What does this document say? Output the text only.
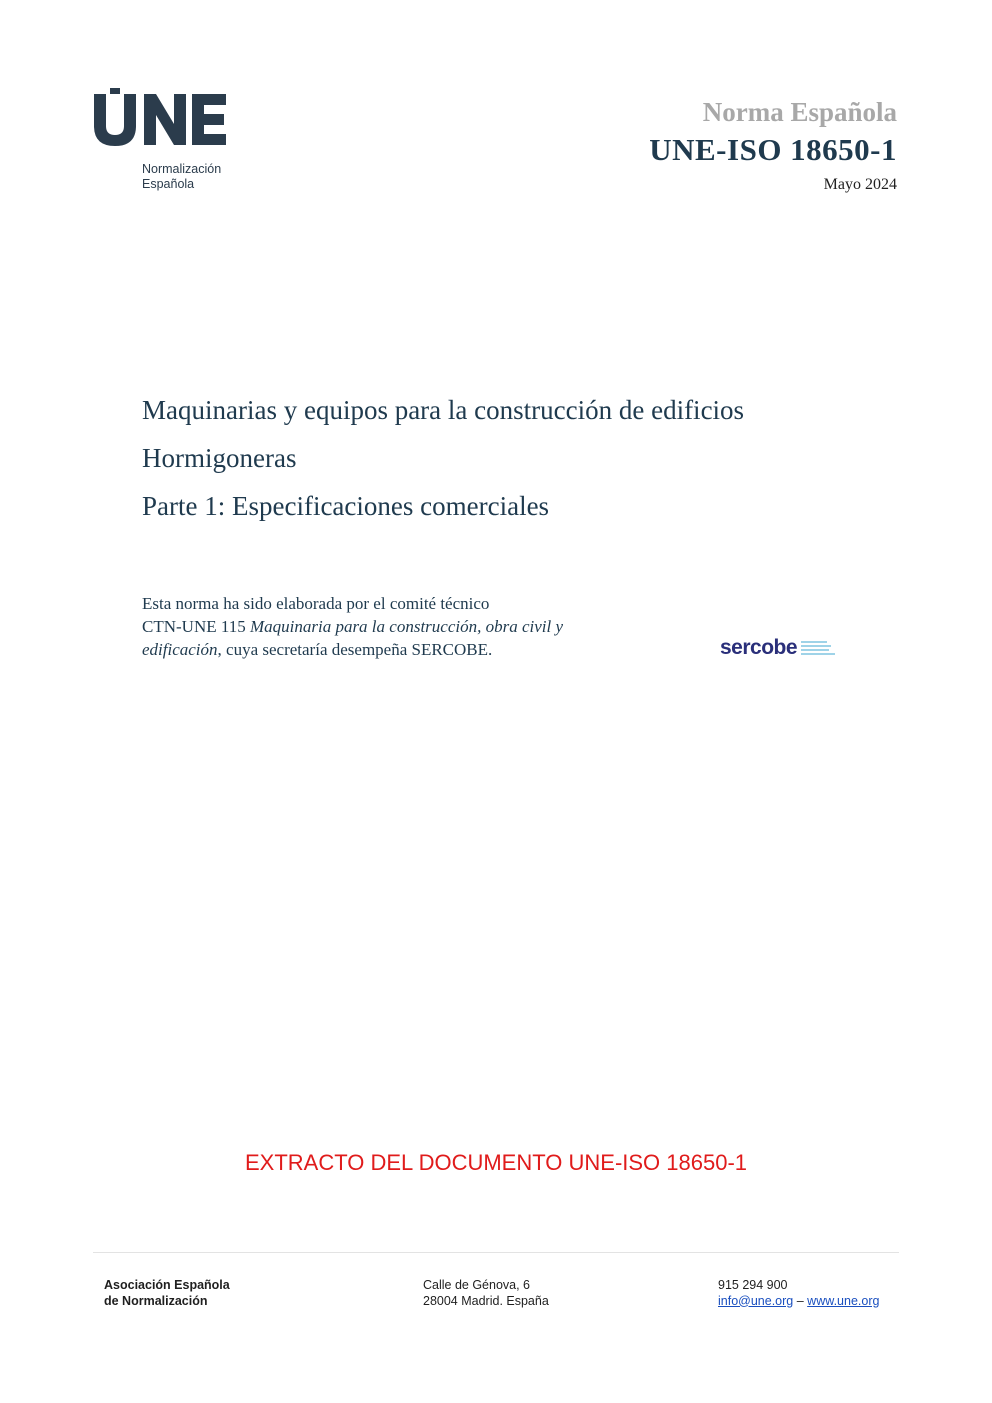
Normalización
Española
Norma Española
UNE-ISO 18650-1
Mayo 2024
Maquinarias y equipos para la construcción de edificios
Hormigoneras
Parte 1: Especificaciones comerciales
Esta norma ha sido elaborada por el comité técnico
CTN-UNE 115 Maquinaria para la construcción, obra civil y
edificación, cuya secretaría desempeña SERCOBE.	sercobe
EXTRACTO DEL DOCUMENTO UNE-ISO 18650-1
Asociación Española
de Normalización
Calle de Génova, 6
28004 Madrid. España
915 294 900
info@une.org – www.une.org
